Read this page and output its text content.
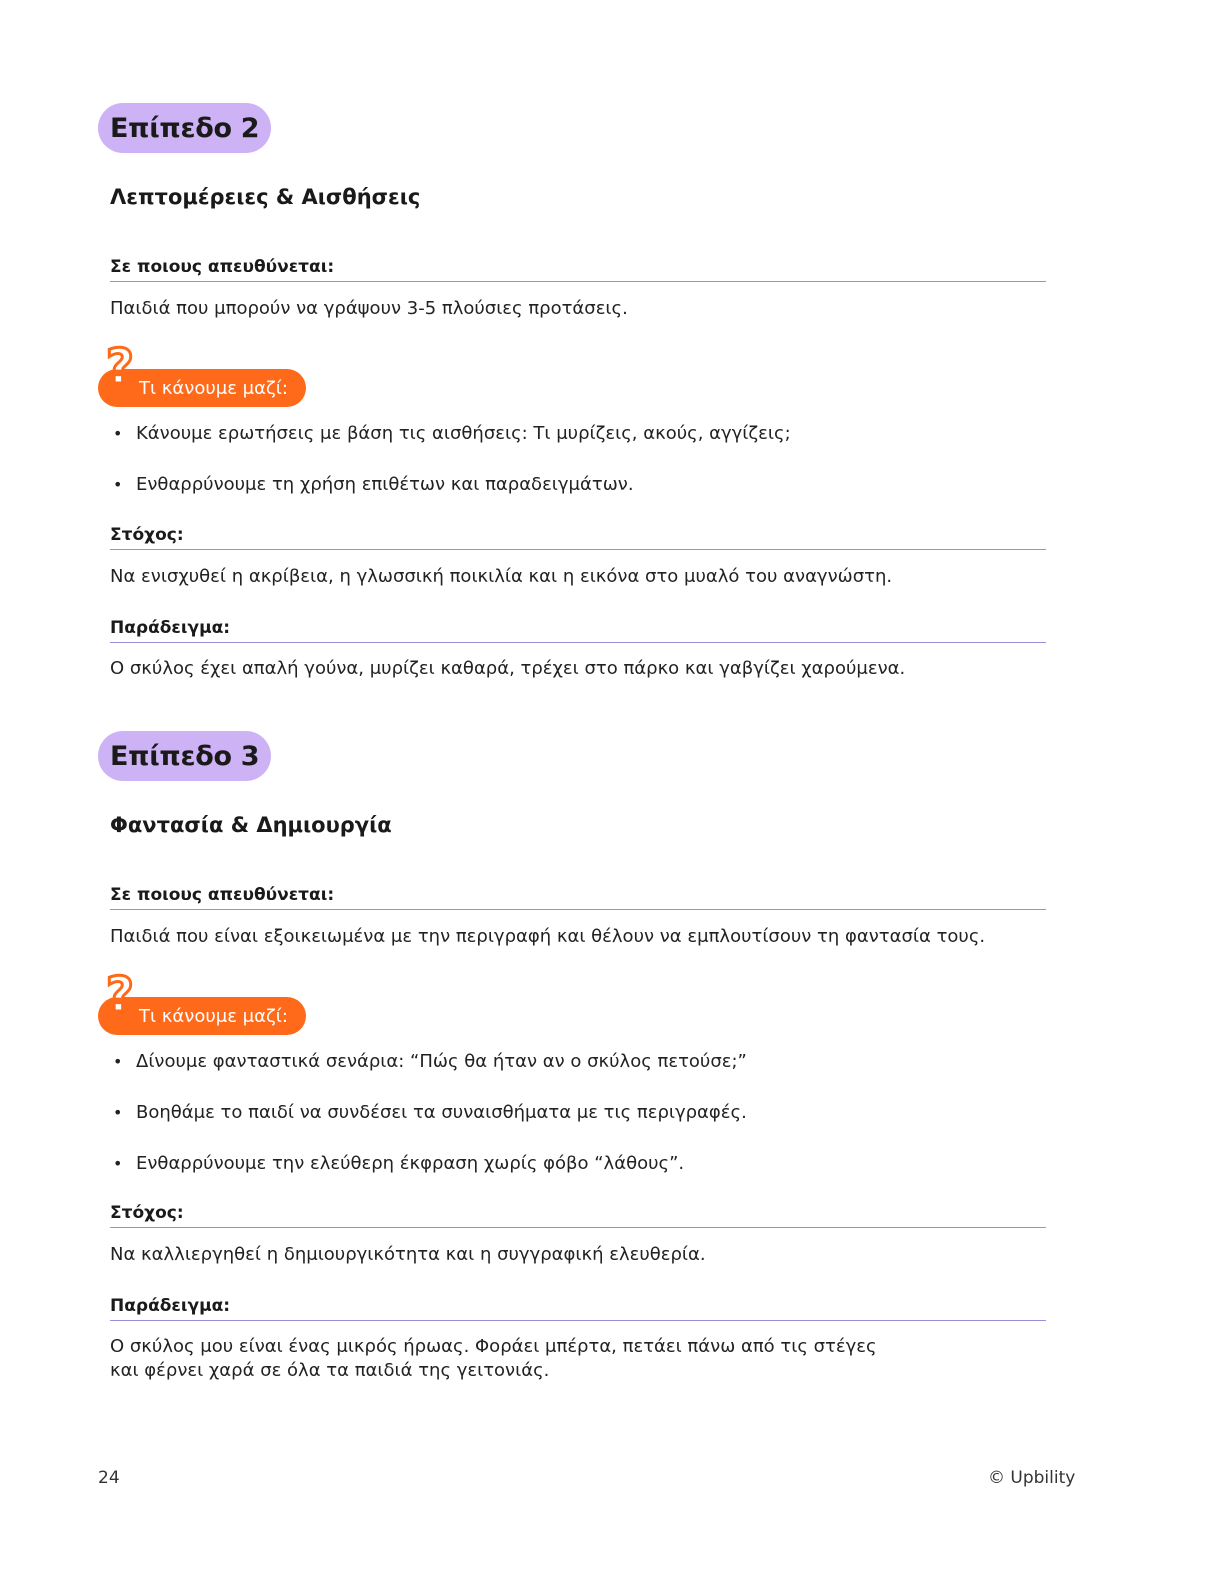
Επίπεδο 2
Λεπτομέρειες & Αισθήσεις
Σε ποιους απευθύνεται:
Παιδιά που μπορούν να γράψουν 3-5 πλούσιες προτάσεις.
? Τι κάνουμε μαζί:
• Κάνουμε ερωτήσεις με βάση τις αισθήσεις: Τι μυρίζεις, ακούς, αγγίζεις;
• Ενθαρρύνουμε τη χρήση επιθέτων και παραδειγμάτων.
Στόχος:
Να ενισχυθεί η ακρίβεια, η γλωσσική ποικιλία και η εικόνα στο μυαλό του αναγνώστη.
Παράδειγμα:
Ο σκύλος έχει απαλή γούνα, μυρίζει καθαρά, τρέχει στο πάρκο και γαβγίζει χαρούμενα.
Επίπεδο 3
Φαντασία & Δημιουργία
Σε ποιους απευθύνεται:
Παιδιά που είναι εξοικειωμένα με την περιγραφή και θέλουν να εμπλουτίσουν τη φαντασία τους.
? Τι κάνουμε μαζί:
• Δίνουμε φανταστικά σενάρια: “Πώς θα ήταν αν ο σκύλος πετούσε;”
• Βοηθάμε το παιδί να συνδέσει τα συναισθήματα με τις περιγραφές.
• Ενθαρρύνουμε την ελεύθερη έκφραση χωρίς φόβο “λάθους”.
Στόχος:
Να καλλιεργηθεί η δημιουργικότητα και η συγγραφική ελευθερία.
Παράδειγμα:
Ο σκύλος μου είναι ένας μικρός ήρωας. Φοράει μπέρτα, πετάει πάνω από τις στέγες
και φέρνει χαρά σε όλα τα παιδιά της γειτονιάς.
24	© Upbility
